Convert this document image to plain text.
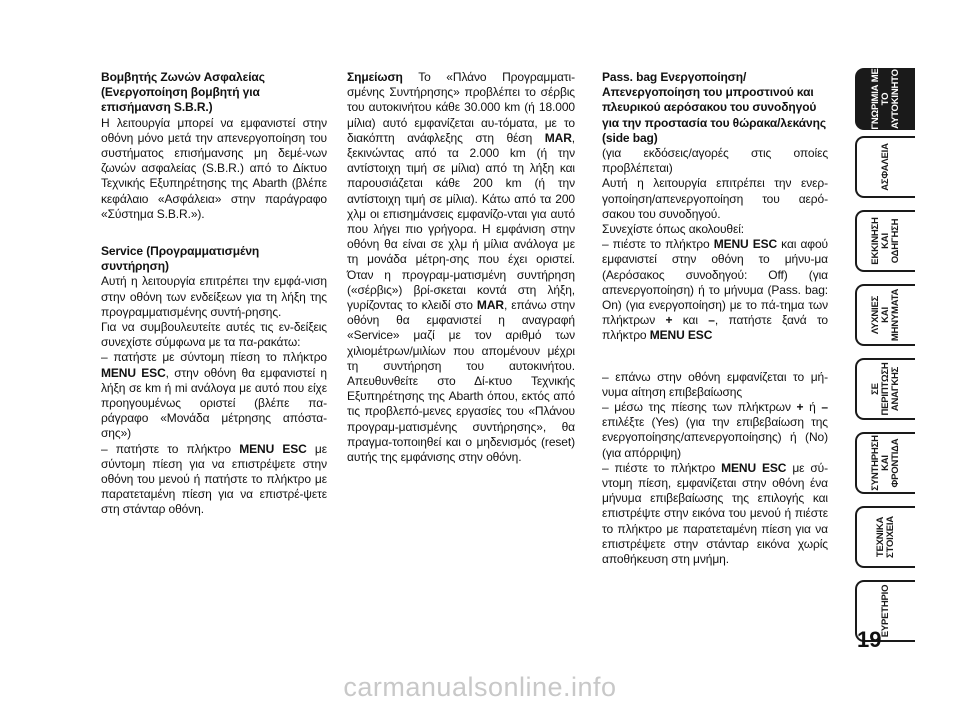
Βομβητής Ζωνών Ασφαλείας (Ενεργοποίηση βομβητή για επισήμανση S.B.R.)

Η λειτουργία μπορεί να εμφανιστεί στην οθόνη μόνο μετά την απενεργοποίηση του συστήματος επισήμανσης μη δεμέ-νων ζωνών ασφαλείας (S.B.R.) από το Δίκτυο Τεχνικής Εξυπηρέτησης της Abarth (βλέπε κεφάλαιο «Ασφάλεια» στην παράγραφο «Σύστημα S.B.R.»).

Service (Προγραμματισμένη συντήρηση)

Αυτή η λειτουργία επιτρέπει την εμφά-νιση στην οθόνη των ενδείξεων για τη λήξη της προγραμματισμένης συντή-ρησης.

Για να συμβουλευτείτε αυτές τις εν-δείξεις συνεχίστε σύμφωνα με τα πα-ρακάτω:

– πατήστε με σύντομη πίεση το πλήκτρο MENU ESC, στην οθόνη θα εμφανιστεί η λήξη σε km ή mi ανάλογα με αυτό που είχε προηγουμένως οριστεί (βλέπε πα-ράγραφο «Μονάδα μέτρησης απόστα-σης»)

– πατήστε το πλήκτρο MENU ESC με σύντομη πίεση για να επιστρέψετε στην οθόνη του μενού ή πατήστε το πλήκτρο με παρατεταμένη πίεση για να επιστρέ-ψετε στη στάνταρ οθόνη.

Σημείωση Το «Πλάνο Προγραμματι-σμένης Συντήρησης» προβλέπει το σέρβις του αυτοκινήτου κάθε 30.000 km (ή 18.000 μίλια) αυτό εμφανίζεται αυ-τόματα, με το διακόπτη ανάφλεξης στη θέση MAR, ξεκινώντας από τα 2.000 km (ή την αντίστοιχη τιμή σε μίλια) από τη λήξη και παρουσιάζεται κάθε 200 km (ή την αντίστοιχη τιμή σε μίλια). Κάτω από τα 200 χλμ οι επισημάνσεις εμφανίζο-νται για αυτό που λήγει πιο γρήγορα. Η εμφάνιση στην οθόνη θα είναι σε χλμ ή μίλια ανάλογα με τη μονάδα μέτρη-σης που έχει οριστεί. Όταν η προγραμ-ματισμένη συντήρηση («σέρβις») βρί-σκεται κοντά στη λήξη, γυρίζοντας το κλειδί στο MAR, επάνω στην οθόνη θα εμφανιστεί η αναγραφή «Service» μαζί με τον αριθμό των χιλιομέτρων/μιλίων που απομένουν μέχρι τη συντήρηση του αυτοκινήτου. Απευθυνθείτε στο Δί-κτυο Τεχνικής Εξυπηρέτησης της Abarth όπου, εκτός από τις προβλεπό-μενες εργασίες του «Πλάνου προγραμ-ματισμένης συντήρησης», θα πραγμα-τοποιηθεί και ο μηδενισμός (reset) αυτής της εμφάνισης στην οθόνη.

Pass. bag Ενεργοποίηση/ Απενεργοποίηση του μπροστινού και πλευρικού αερόσακου του συνοδηγού για την προστασία του θώρακα/λεκάνης (side bag)

(για εκδόσεις/αγορές στις οποίες προβλέπεται)

Αυτή η λειτουργία επιτρέπει την ενερ-γοποίηση/απενεργοποίηση του αερό-σακου του συνοδηγού.

Συνεχίστε όπως ακολουθεί:

– πιέστε το πλήκτρο MENU ESC και αφού εμφανιστεί στην οθόνη το μήνυ-μα (Αερόσακος συνοδηγού: Off) (για απενεργοποίηση) ή το μήνυμα (Pass. bag: On) (για ενεργοποίηση) με το πά-τημα των πλήκτρων + και –, πατήστε ξανά το πλήκτρο MENU ESC

– επάνω στην οθόνη εμφανίζεται το μή-νυμα αίτηση επιβεβαίωσης

– μέσω της πίεσης των πλήκτρων + ή – επιλέξτε (Yes) (για την επιβεβαίωση της ενεργοποίησης/απενεργοποίησης) ή (No) (για απόρριψη)

– πιέστε το πλήκτρο MENU ESC με σύ-ντομη πίεση, εμφανίζεται στην οθόνη ένα μήνυμα επιβεβαίωσης της επιλογής και επιστρέψτε στην εικόνα του μενού ή πιέστε το πλήκτρο με παρατεταμένη πίεση για να επιστρέψετε στην στάνταρ εικόνα χωρίς αποθήκευση στη μνήμη.

ΓΝΩΡΙΜΙΑ ΜΕ
ΤΟ
ΑΥΤΟΚΙΝΗΤΟ
ΑΣΦΑΛΕΙΑ
ΕΚΚΙΝΗΣΗ
ΚΑΙ
ΟΔΗΓΗΣΗ
ΛΥΧΝΙΕΣ
ΚΑΙ
ΜΗΝΥΜΑΤΑ
ΣΕ
ΠΕΡΙΠΤΩΣΗ
ΑΝΑΓΚΗΣ
ΣΥΝΤΗΡΗΣΗ
ΚΑΙ
ΦΡΟΝΤΙΔΑ
ΤΕΧΝΙΚΑ
ΣΤΟΙΧΕΙΑ
ΕΥΡΕΤΗΡΙΟ
19
carmanualsonline.info
